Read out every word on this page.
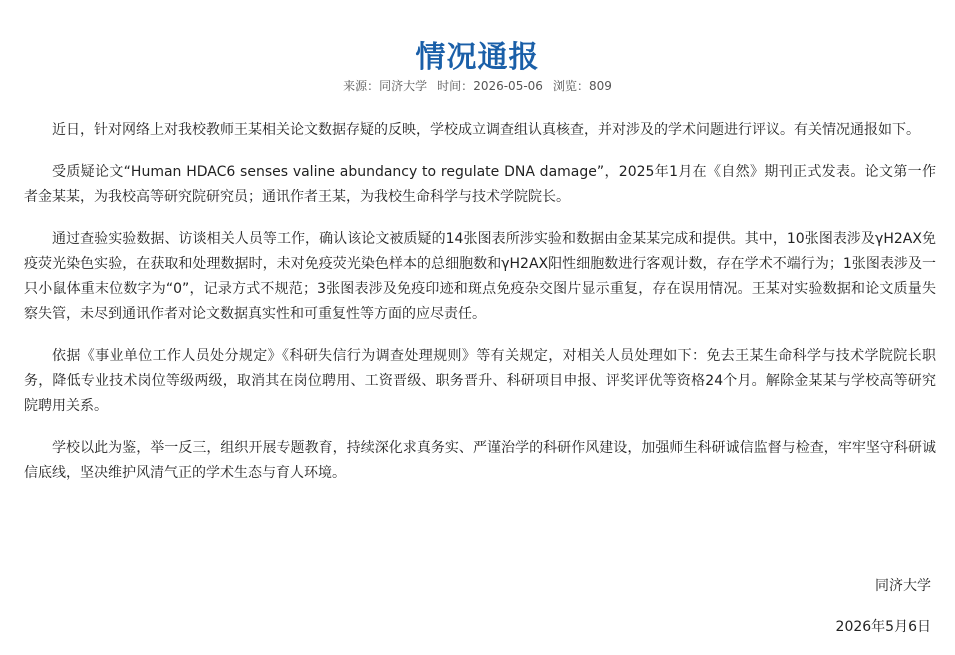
情况通报
来源：同济大学 时间：2026-05-06 浏览：809

近日，针对网络上对我校教师王某相关论文数据存疑的反映，学校成立调查组认真核查，并对涉及的学术问题进行评议。有关情况通报如下。

受质疑论文“Human HDAC6 senses valine abundancy to regulate DNA damage”，2025年1月在《自然》期刊正式发表。论文第一作者金某某，为我校高等研究院研究员；通讯作者王某，为我校生命科学与技术学院院长。

通过查验实验数据、访谈相关人员等工作，确认该论文被质疑的14张图表所涉实验和数据由金某某完成和提供。其中，10张图表涉及γH2AX免疫荧光染色实验，在获取和处理数据时，未对免疫荧光染色样本的总细胞数和γH2AX阳性细胞数进行客观计数，存在学术不端行为；1张图表涉及一只小鼠体重末位数字为“0”，记录方式不规范；3张图表涉及免疫印迹和斑点免疫杂交图片显示重复，存在误用情况。王某对实验数据和论文质量失察失管，未尽到通讯作者对论文数据真实性和可重复性等方面的应尽责任。

依据《事业单位工作人员处分规定》《科研失信行为调查处理规则》等有关规定，对相关人员处理如下：免去王某生命科学与技术学院院长职务，降低专业技术岗位等级两级，取消其在岗位聘用、工资晋级、职务晋升、科研项目申报、评奖评优等资格24个月。解除金某某与学校高等研究院聘用关系。

学校以此为鉴，举一反三，组织开展专题教育，持续深化求真务实、严谨治学的科研作风建设，加强师生科研诚信监督与检查，牢牢坚守科研诚信底线，坚决维护风清气正的学术生态与育人环境。

同济大学
2026年5月6日
